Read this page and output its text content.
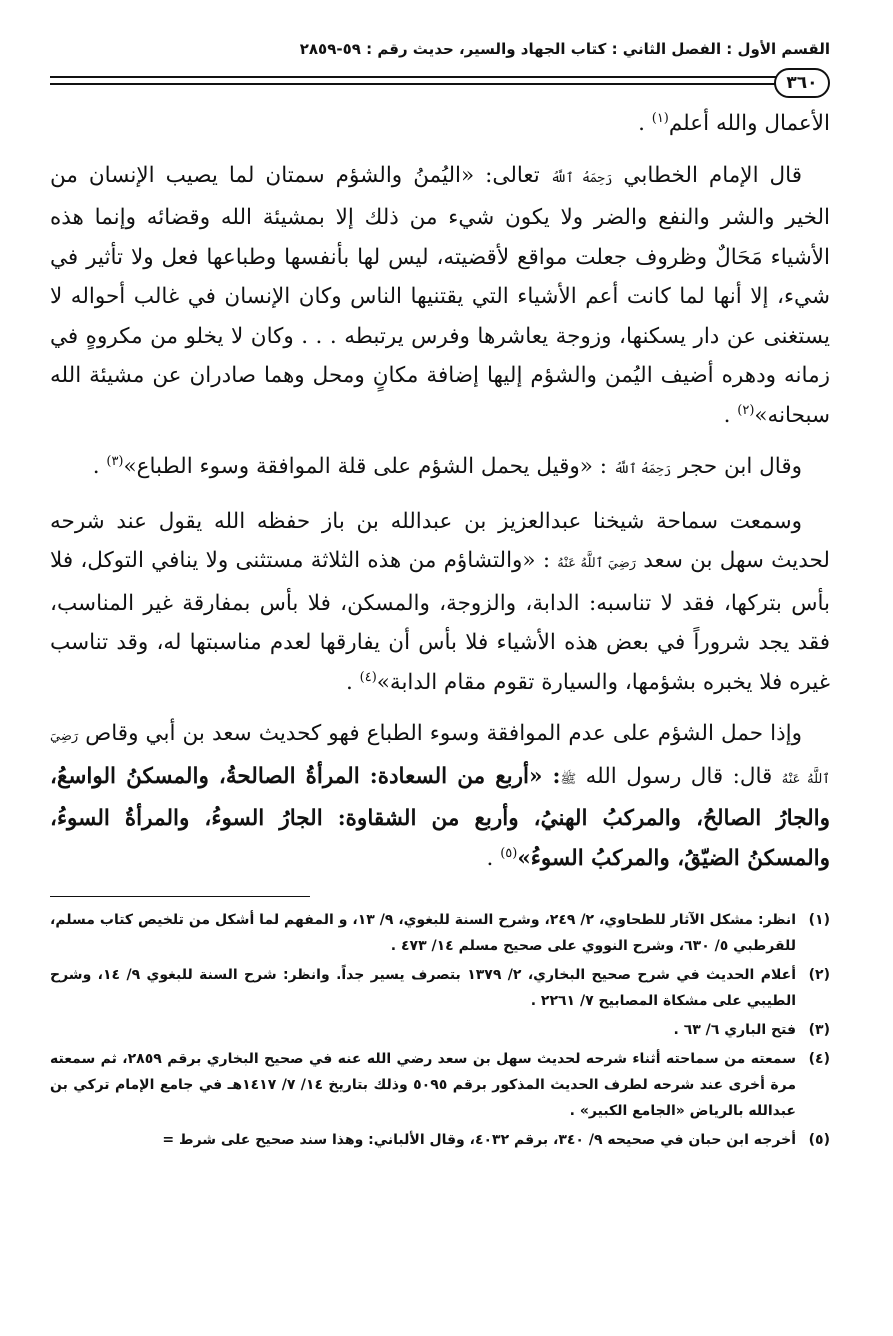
القسم الأول : الفصل الثاني : كتاب الجهاد والسير، حديث رقم : ٥٩-٢٨٥٩
٣٦٠

الأعمال والله أعلم$^{(١)}$ .

قال الإمام الخطابي رَحِمَهُ ٱللَّهُ تعالى: «اليُمنُ والشؤم سمتان لما يصيب الإنسان من الخير والشر والنفع والضر ولا يكون شيء من ذلك إلا بمشيئة الله وقضائه وإنما هذه الأشياء مَحَالٌ وظروف جعلت مواقع لأقضيته، ليس لها بأنفسها وطباعها فعل ولا تأثير في شيء، إلا أنها لما كانت أعم الأشياء التي يقتنيها الناس وكان الإنسان في غالب أحواله لا يستغنى عن دار يسكنها، وزوجة يعاشرها وفرس يرتبطه . . . وكان لا يخلو من مكروهٍ في زمانه ودهره أضيف اليُمن والشؤم إليها إضافة مكانٍ ومحل وهما صادران عن مشيئة الله سبحانه»$^{(٢)}$ .

وقال ابن حجر رَحِمَهُ ٱللَّهُ : «وقيل يحمل الشؤم على قلة الموافقة وسوء الطباع»$^{(٣)}$ .

وسمعت سماحة شيخنا عبدالعزيز بن عبدالله بن باز حفظه الله يقول عند شرحه لحديث سهل بن سعد رَضِيَ ٱللَّهُ عَنْهُ : «والتشاؤم من هذه الثلاثة مستثنى ولا ينافي التوكل، فلا بأس بتركها، فقد لا تناسبه: الدابة، والزوجة، والمسكن، فلا بأس بمفارقة غير المناسب، فقد يجد شروراً في بعض هذه الأشياء فلا بأس أن يفارقها لعدم مناسبتها له، وقد تناسب غيره فلا يخبره بشؤمها، والسيارة تقوم مقام الدابة»$^{(٤)}$ .

وإذا حمل الشؤم على عدم الموافقة وسوء الطباع فهو كحديث سعد بن أبي وقاص رَضِيَ ٱللَّهُ عَنْهُ قال: قال رسول الله ﷺ: «أربع من السعادة: المرأةُ الصالحةُ، والمسكنُ الواسعُ، والجارُ الصالحُ، والمركبُ الهنيُ، وأربع من الشقاوة: الجارُ السوءُ، والمرأةُ السوءُ، والمسكنُ الضيّقُ، والمركبُ السوءُ»$^{(٥)}$ .

(١)
انظر: مشكل الآثار للطحاوي، ٢/ ٢٤٩، وشرح السنة للبغوي، ٩/ ١٣، و المفهم لما أشكل من تلخيص كتاب مسلم، للقرطبي ٥/ ٦٣٠، وشرح النووي على صحيح مسلم ١٤/ ٤٧٣ .
(٢)
أعلام الحديث في شرح صحيح البخاري، ٢/ ١٣٧٩ بتصرف يسير جداً. وانظر: شرح السنة للبغوي ٩/ ١٤، وشرح الطيبي على مشكاة المصابيح ٧/ ٢٢٦١ .
(٣)
فتح الباري ٦/ ٦٣ .
(٤)
سمعته من سماحته أثناء شرحه لحديث سهل بن سعد رضي الله عنه في صحيح البخاري برقم ٢٨٥٩، ثم سمعته مرة أخرى عند شرحه لطرف الحديث المذكور برقم ٥٠٩٥ وذلك بتاريخ ١٤/ ٧/ ١٤١٧هـ في جامع الإمام تركي بن عبدالله بالرياض «الجامع الكبير» .
(٥)
أخرجه ابن حبان في صحيحه ٩/ ٣٤٠، برقم ٤٠٣٢، وقال الألباني: وهذا سند صحيح على شرط =
